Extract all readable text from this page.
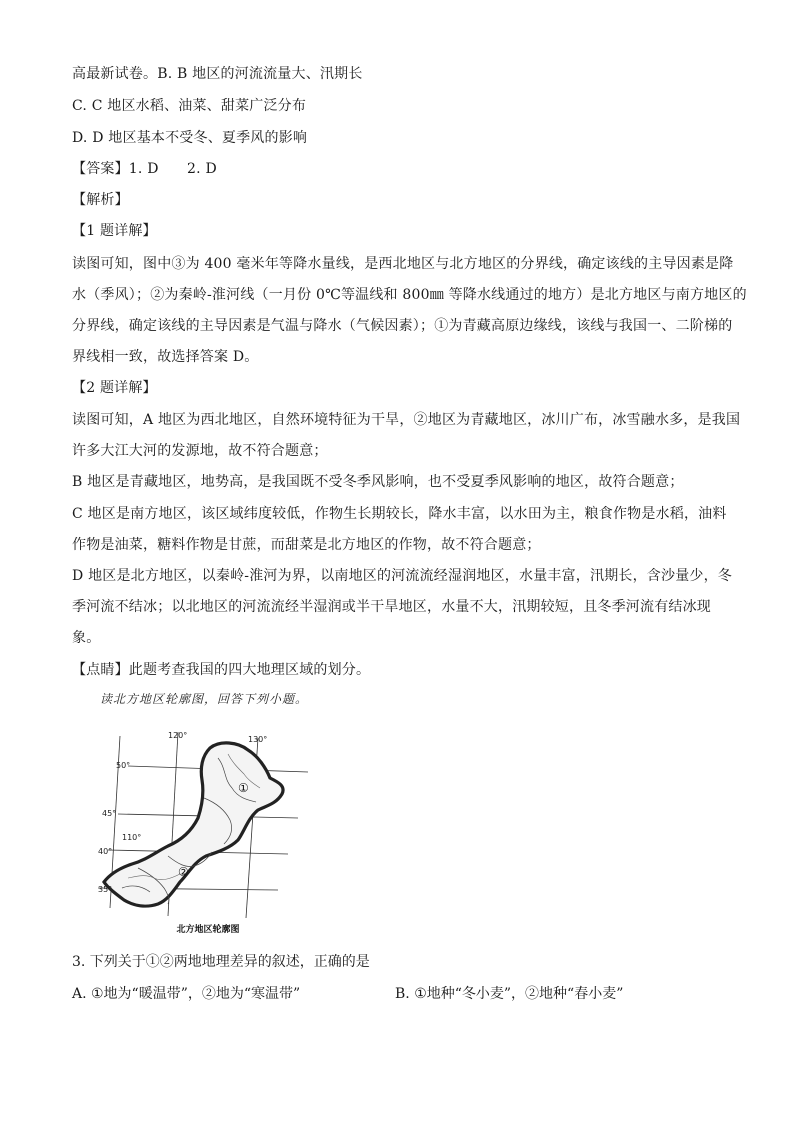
高最新试卷。B. B 地区的河流流量大、汛期长
C. C 地区水稻、油菜、甜菜广泛分布
D. D 地区基本不受冬、夏季风的影响
【答案】1. D　　2. D
【解析】
【1 题详解】
读图可知，图中③为 400 毫米年等降水量线，是西北地区与北方地区的分界线，确定该线的主导因素是降
水（季风）；②为秦岭-淮河线（一月份 0℃等温线和 800㎜ 等降水线通过的地方）是北方地区与南方地区的
分界线，确定该线的主导因素是气温与降水（气候因素）；①为青藏高原边缘线，该线与我国一、二阶梯的
界线相一致，故选择答案 D。
【2 题详解】
读图可知，A 地区为西北地区，自然环境特征为干旱，②地区为青藏地区，冰川广布，冰雪融水多，是我国
许多大江大河的发源地，故不符合题意；
B 地区是青藏地区，地势高，是我国既不受冬季风影响，也不受夏季风影响的地区，故符合题意；
C 地区是南方地区，该区域纬度较低，作物生长期较长，降水丰富，以水田为主，粮食作物是水稻，油料
作物是油菜，糖料作物是甘蔗，而甜菜是北方地区的作物，故不符合题意；
D 地区是北方地区，以秦岭-淮河为界，以南地区的河流流经湿润地区，水量丰富，汛期长，含沙量少，冬
季河流不结冰；以北地区的河流流经半湿润或半干旱地区，水量不大，汛期较短，且冬季河流有结冰现
象。
【点睛】此题考查我国的四大地理区域的划分。
读北方地区轮廓图，回答下列小题。
120°	130°
110°
50°
45°
40°
35°
①
②
北方地区轮廓图
3. 下列关于①②两地地理差异的叙述，正确的是
A. ①地为“暖温带”，②地为“寒温带”	B. ①地种“冬小麦”，②地种“春小麦”
